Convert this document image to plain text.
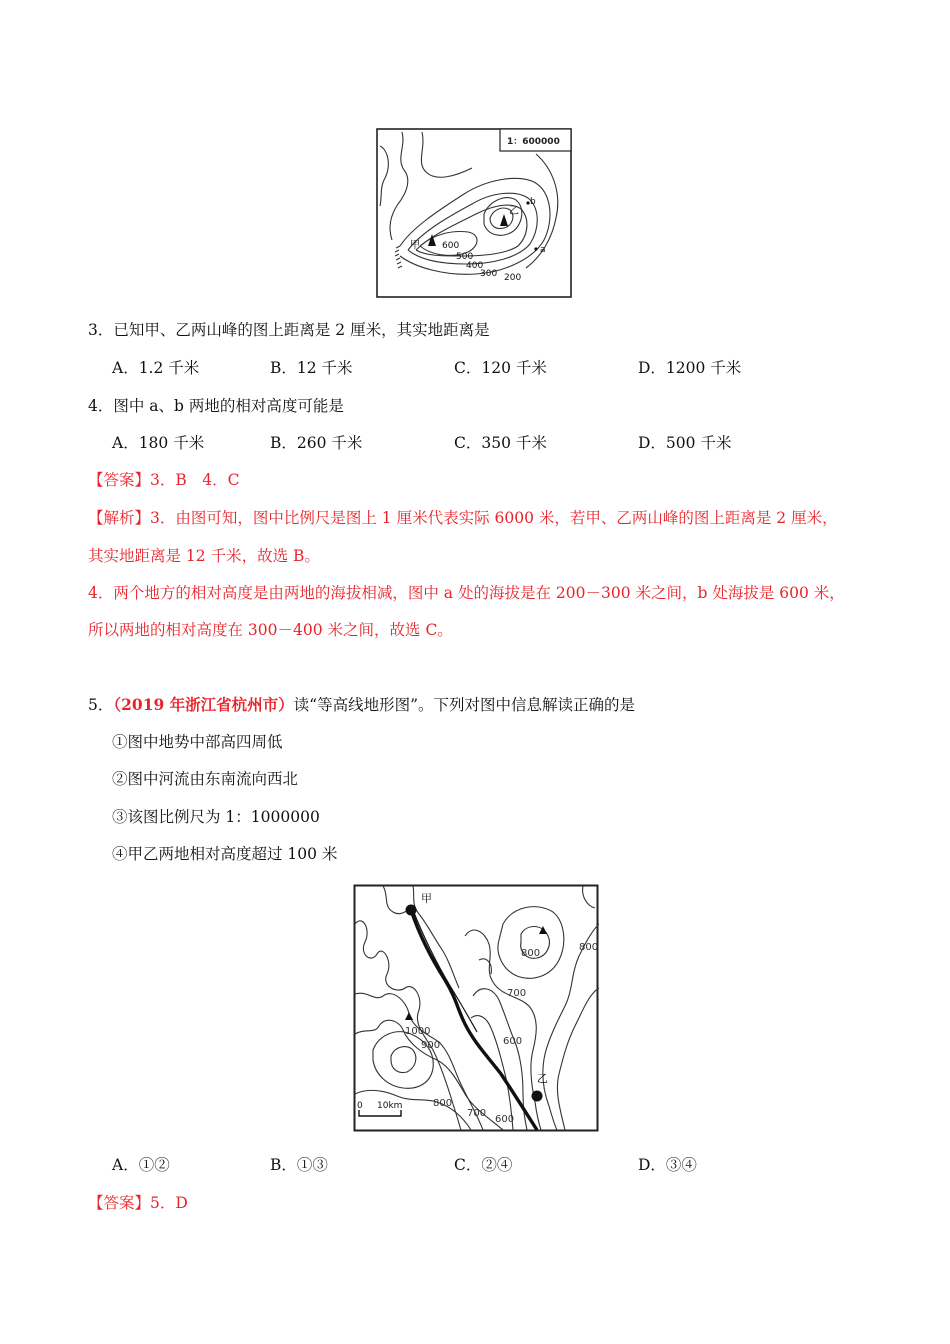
1：600000
甲
乙
b
a
600
500
400
300 200
3．已知甲、乙两山峰的图上距离是 2 厘米，其实地距离是
A．1.2 千米	B．12 千米	C．120 千米	D．1200 千米
4．图中 a、b 两地的相对高度可能是
A．180 千米	B．260 千米	C．350 千米	D．500 千米
【答案】3．B　4．C
【解析】3．由图可知，图中比例尺是图上 1 厘米代表实际 6000 米，若甲、乙两山峰的图上距离是 2 厘米，
其实地距离是 12 千米，故选 B。
4．两个地方的相对高度是由两地的海拔相减，图中 a 处的海拔是在 200－300 米之间，b 处海拔是 600 米，
所以两地的相对高度在 300－400 米之间，故选 C。
5．（2019 年浙江省杭州市）读“等高线地形图”。下列对图中信息解读正确的是
①图中地势中部高四周低
②图中河流由东南流向西北
③该图比例尺为 1：1000000
④甲乙两地相对高度超过 100 米
甲
乙
800
800
700
600
1000
900
800
700
600
0 10km
A．①②	B．①③	C．②④	D．③④
【答案】5．D
